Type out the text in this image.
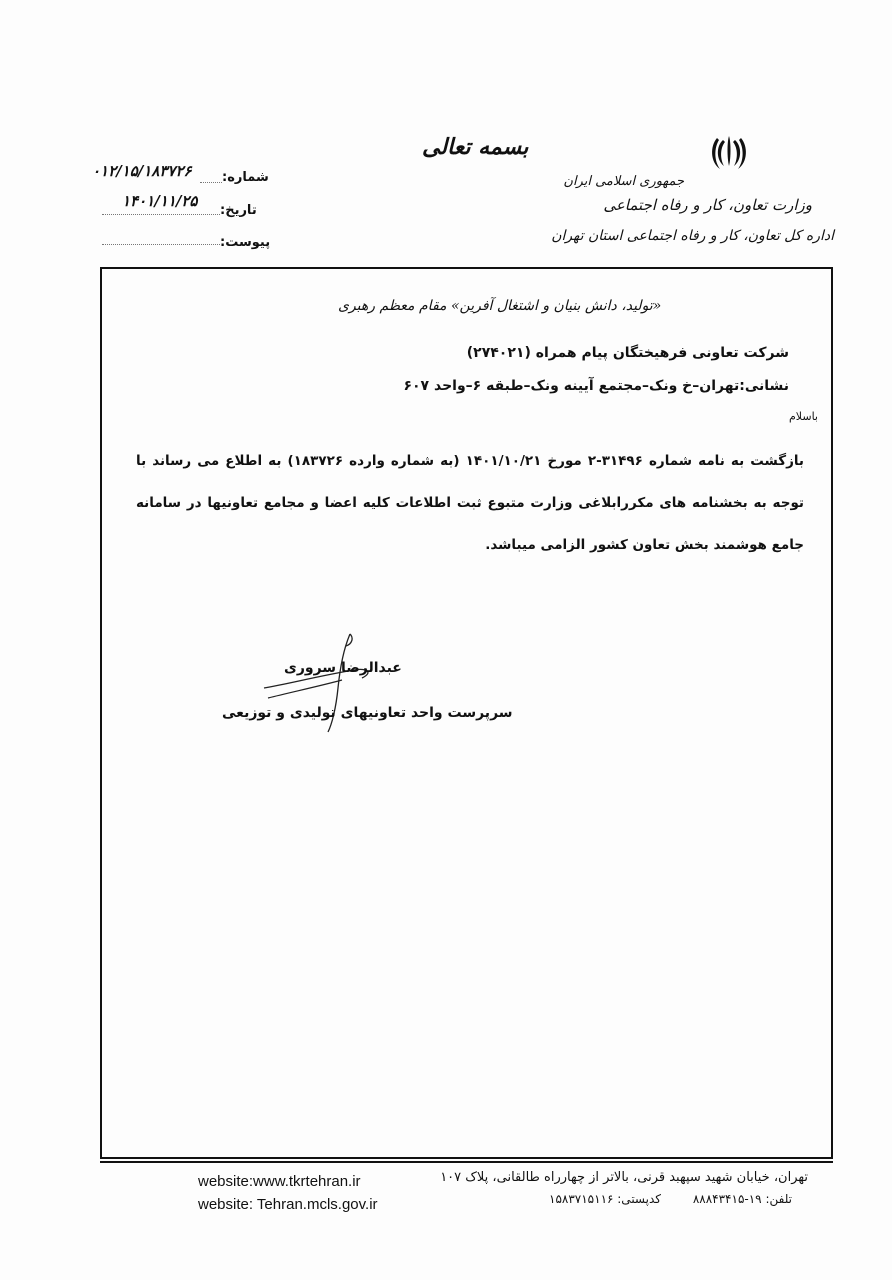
جمهوری اسلامی ایران
وزارت تعاون، کار و رفاه اجتماعی
اداره کل تعاون، کار و رفاه اجتماعی استان تهران
بسمه تعالی
شماره:
۰۱۲/۱۵/۱۸۳۷۲۶
تاریخ:
۱۴۰۱/۱۱/۲۵
پیوست:
«تولید، دانش بنیان و اشتغال آفرین» مقام معظم رهبری
شرکت تعاونی فرهیختگان پیام همراه (۲۷۴۰۲۱)
نشانی:تهران–خ ونک–مجتمع آیینه ونک–طبقه ۶–واحد ۶۰۷
باسلام
بازگشت به نامه شماره ۳۱۴۹۶-۲ مورخ ۱۴۰۱/۱۰/۲۱ (به شماره وارده ۱۸۳۷۲۶) به اطلاع می رساند با توجه به بخشنامه های مکررابلاغی وزارت متبوع ثبت اطلاعات کلیه اعضا و مجامع تعاونیها در سامانه جامع هوشمند بخش تعاون کشور الزامی میباشد.
عبدالرضا سروری
سرپرست واحد تعاونیهای تولیدی و توزیعی
website:www.tkrtehran.ir
website: Tehran.mcls.gov.ir
تهران، خیابان شهید سپهبد قرنی، بالاتر از چهارراه طالقانی، پلاک ۱۰۷
تلفن: ۱۹-۸۸۸۴۳۴۱۵ کدپستی: ۱۵۸۳۷۱۵۱۱۶
